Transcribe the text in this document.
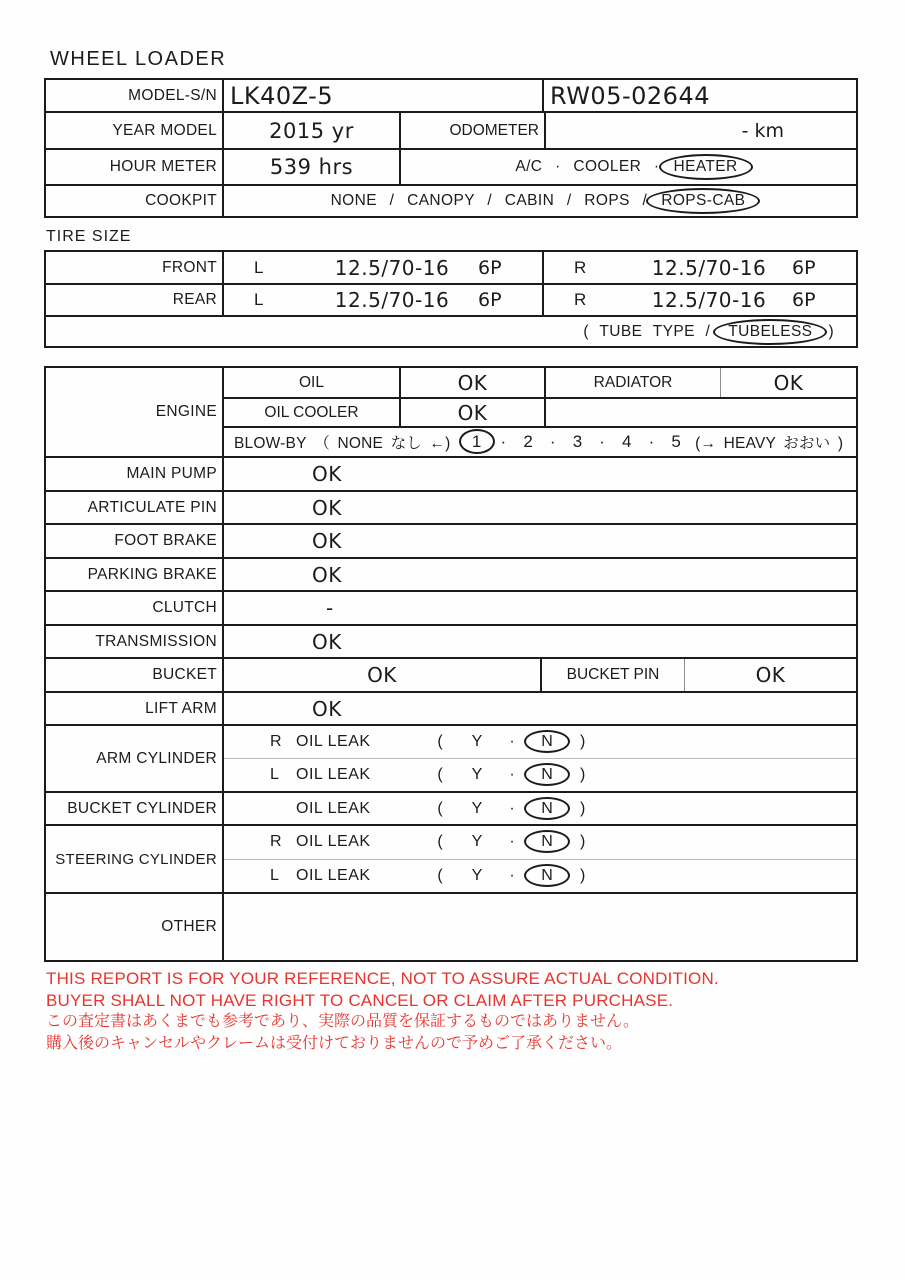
WHEEL LOADER
MODEL-S/N LK40Z-5	RW05-02644
YEAR MODEL	2015 yr	ODOMETER	- km
HOUR METER	539 hrs	A/C · COOLER · HEATER
COOKPIT	NONE / CANOPY / CABIN / ROPS / ROPS-CAB
TIRE SIZE
FRONT	L	12.5/70-16	6P	R	12.5/70-16	6P
REAR	L	12.5/70-16	6P	R	12.5/70-16	6P
( TUBE TYPE / TUBELESS )
ENGINE
OIL	OK	RADIATOR	OK
OIL COOLER	OK
BLOW-BY　（ NONE なし ←)	1	· 2 · 3 · 4 · 5 (→ HEAVY おおい )
MAIN PUMP	OK
ARTICULATE PIN	OK
FOOT BRAKE	OK
PARKING BRAKE	OK
CLUTCH	-
TRANSMISSION	OK
BUCKET	OK	BUCKET PIN	OK
LIFT ARM	OK
ARM CYLINDER
R OIL LEAK	(	Y	·	N	)
L	OIL LEAK	(	Y	·	N	)
BUCKET CYLINDER	OIL LEAK	(	Y	·	N	)
STEERING CYLINDER
R OIL LEAK	(	Y	·	N	)
L	OIL LEAK	(	Y	·	N	)
OTHER
THIS REPORT IS FOR YOUR REFERENCE, NOT TO ASSURE ACTUAL CONDITION.
BUYER SHALL NOT HAVE RIGHT TO CANCEL OR CLAIM AFTER PURCHASE.
この査定書はあくまでも参考であり、実際の品質を保証するものではありません。
購入後のキャンセルやクレームは受付けておりませんので予めご了承ください。
